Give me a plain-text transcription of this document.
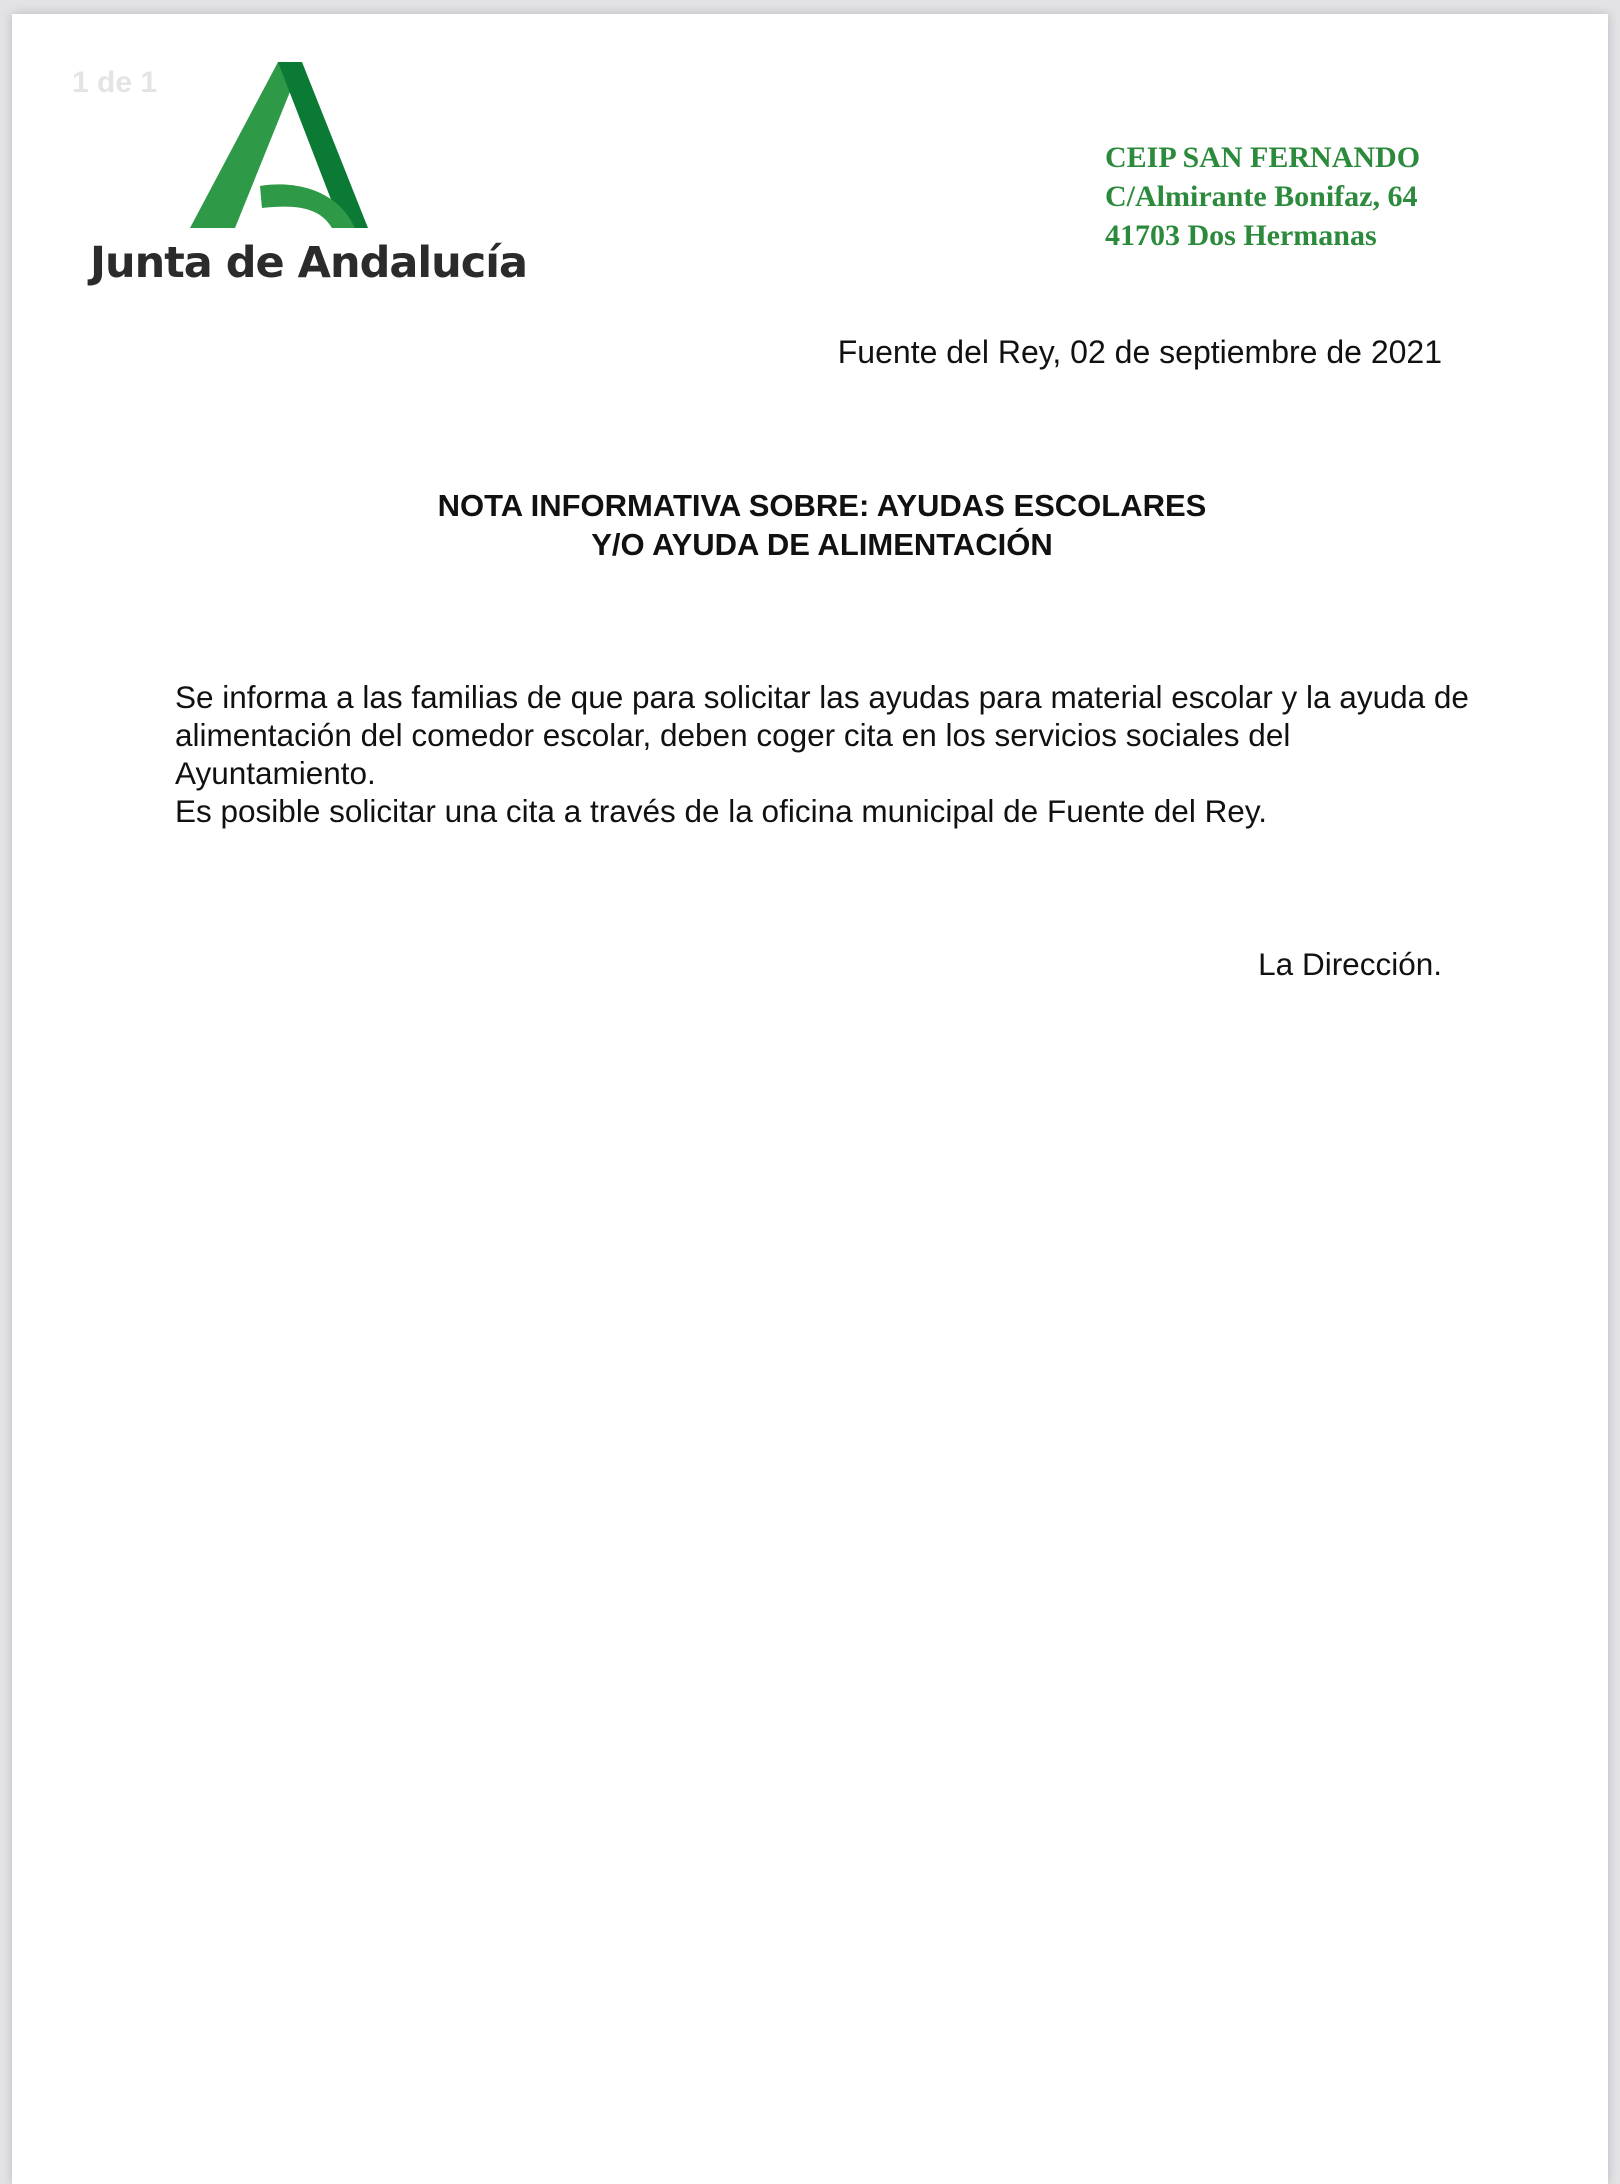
1 de 1
Junta de Andalucía
CEIP SAN FERNANDO
C/Almirante Bonifaz, 64
41703 Dos Hermanas
Fuente del Rey, 02 de septiembre de 2021
NOTA INFORMATIVA SOBRE: AYUDAS ESCOLARES
Y/O AYUDA DE ALIMENTACIÓN

Se informa a las familias de que para solicitar las ayudas para material escolar y la ayuda de alimentación del comedor escolar, deben coger cita en los servicios sociales del Ayuntamiento.

Es posible solicitar una cita a través de la oficina municipal de Fuente del Rey.

La Dirección.
